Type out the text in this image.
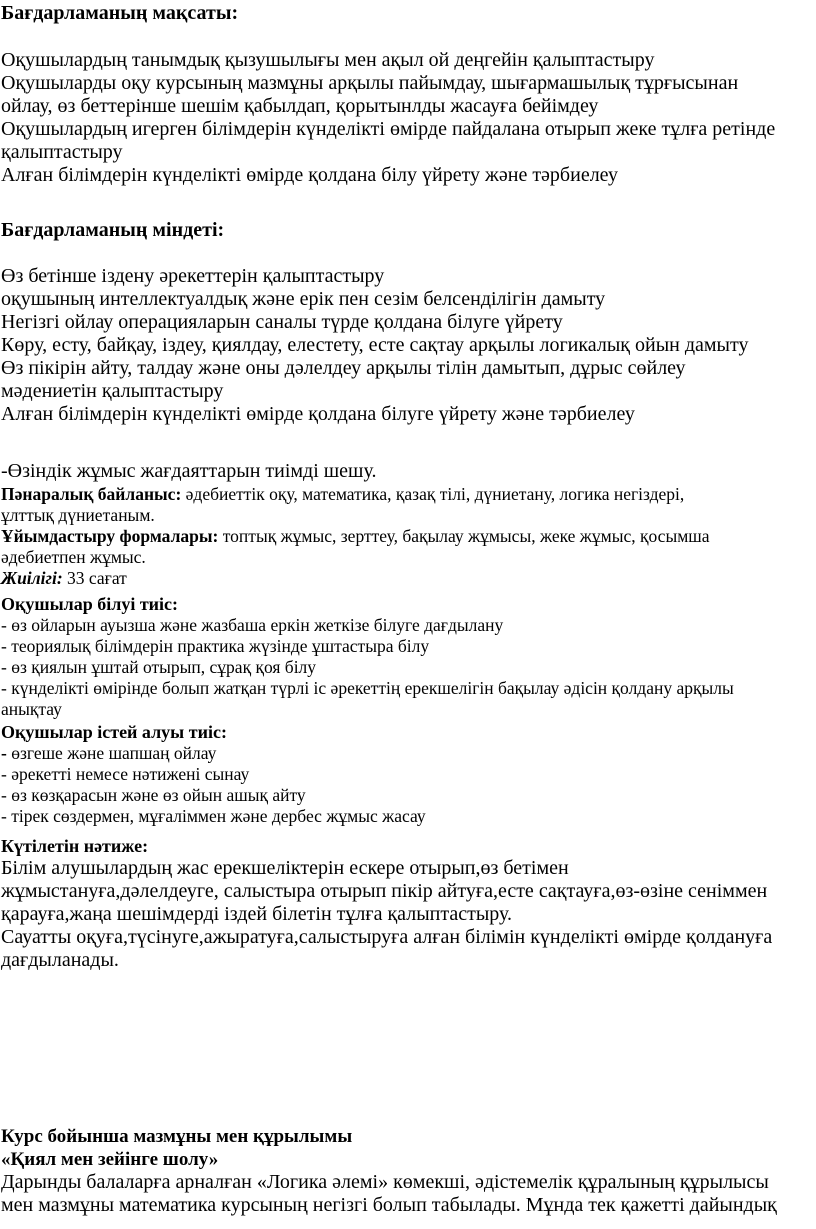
Бағдарламаның мақсаты:
Оқушылардың танымдық қызушылығы мен ақыл ой деңгейін қалыптастыру
Оқушыларды оқу курсының мазмұны арқылы пайымдау, шығармашылық тұрғысынан
ойлау, өз беттерінше шешім қабылдап, қорытынлды жасауға бейімдеу
Оқушылардың игерген білімдерін күнделікті өмірде пайдалана отырып жеке тұлға ретінде
қалыптастыру
Алған білімдерін күнделікті өмірде қолдана білу үйрету және тәрбиелеу
Бағдарламаның міндеті:
Өз бетінше іздену әрекеттерін қалыптастыру
оқушының интеллектуалдық және ерік пен сезім белсенділігін дамыту
Негізгі ойлау операцияларын саналы түрде қолдана білуге үйрету
Көру, есту, байқау, іздеу, қиялдау, елестету, есте сақтау арқылы логикалық ойын дамыту
Өз пікірін айту, талдау және оны дәлелдеу арқылы тілін дамытып, дұрыс сөйлеу
мәдениетін қалыптастыру
Алған білімдерін күнделікті өмірде қолдана білуге үйрету және тәрбиелеу
-Өзіндік жұмыс жағдаяттарын тиімді шешу.
Пәнаралық байланыс: әдебиеттік оқу, математика, қазақ тілі, дүниетану, логика негіздері,
ұлттық дүниетаным.
Ұйымдастыру формалары: топтық жұмыс, зерттеу, бақылау жұмысы, жеке жұмыс, қосымша
әдебиетпен жұмыс.
Жиілігі: 33 сағат
Оқушылар білуі тиіс:
- өз ойларын ауызша және жазбаша еркін жеткізе білуге дағдылану
- теориялық білімдерін практика жүзінде ұштастыра білу
- өз қиялын ұштай отырып, сұрақ қоя білу
- күнделікті өмірінде болып жатқан түрлі іс әрекеттің ерекшелігін бақылау әдісін қолдану арқылы
анықтау
Оқушылар істей алуы тиіс:
- өзгеше және шапшаң ойлау
- әрекетті немесе нәтижені сынау
- өз көзқарасын және өз ойын ашық айту
- тірек сөздермен, мұғаліммен және дербес жұмыс жасау
Күтілетін нәтиже:
Білім алушылардың жас ерекшеліктерін ескере отырып,өз бетімен
жұмыстануға,дәлелдеуге, салыстыра отырып пікір айтуға,есте сақтауға,өз-өзіне сеніммен
қарауға,жаңа шешімдерді іздей білетін тұлға қалыптастыру.
Сауатты оқуға,түсінуге,ажыратуға,салыстыруға алған білімін күнделікті өмірде қолдануға
дағдыланады.
Курс бойынша мазмұны мен құрылымы
«Қиял мен зейінге шолу»
Дарынды балаларға арналған «Логика әлемі» көмекші, әдістемелік құралының құрылысы
мен мазмұны математика курсының негізгі болып табылады. Мұнда тек қажетті дайындық
